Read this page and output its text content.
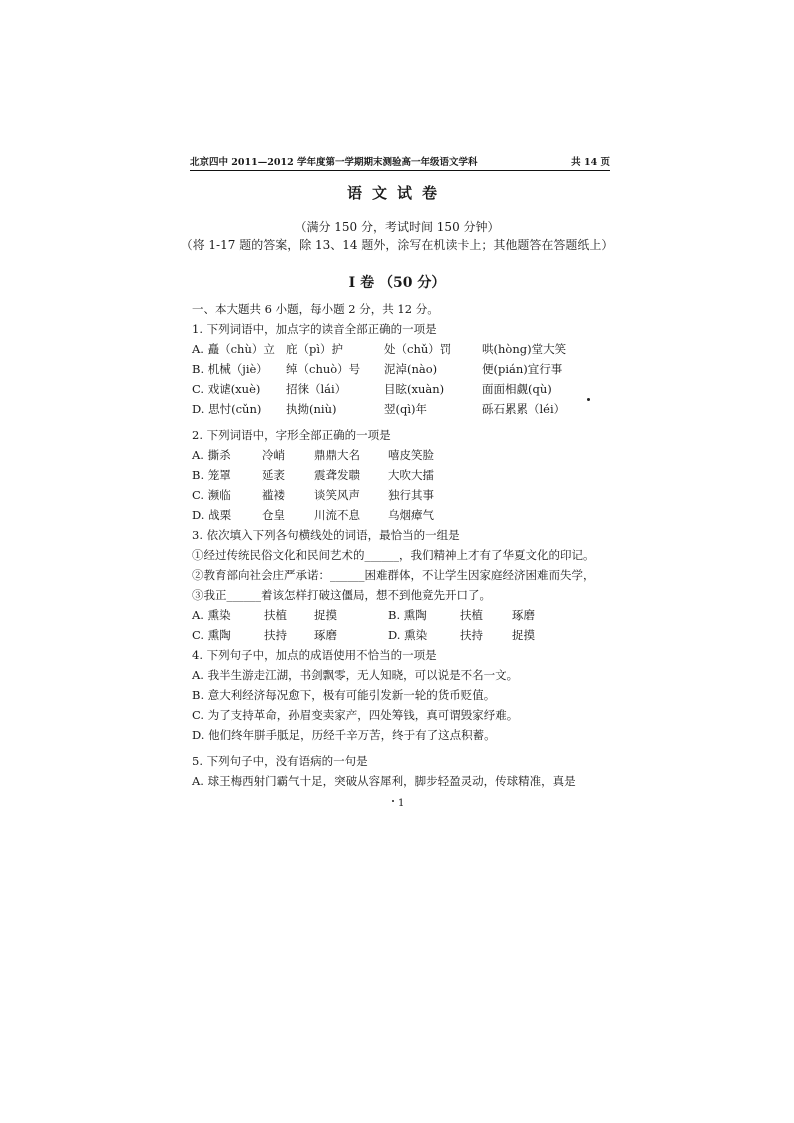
北京四中 2011—2012 学年度第一学期期末测验高一年级语文学科	共 14 页
语文试卷
（满分 150 分，考试时间 150 分钟）
（将 1-17 题的答案，除 13、14 题外，涂写在机读卡上；其他题答在答题纸上）
I 卷 （50 分）
一、本大题共 6 小题，每小题 2 分，共 12 分。
1. 下列词语中，加点字的读音全部正确的一项是
A. 矗（chù）立 庇（pì）护	处（chǔ）罚	哄(hòng)堂大笑
B. 机械（jiè） 绰（chuò）号 泥淖(nào)	便(pián)宜行事
C. 戏谑(xuè) 招徕（lái）	目眩(xuàn)	面面相觑(qù)
D. 思忖(cǔn) 执拗(niù)	翌(qì)年	砾石累累（léi）
2. 下列词语中，字形全部正确的一项是
A. 撕杀	冷峭	鼎鼎大名 嘻皮笑脸
B. 笼罩	延袤	震聋发聩 大吹大擂
C. 濒临	褴褛	谈笑风声 独行其事
D. 战栗	仓皇	川流不息 乌烟瘴气
3. 依次填入下列各句横线处的词语，最恰当的一组是
①经过传统民俗文化和民间艺术的______，我们精神上才有了华夏文化的印记。
②教育部向社会庄严承诺：______困难群体，不让学生因家庭经济困难而失学，
③我正______着该怎样打破这僵局，想不到他竟先开口了。
A. 熏染	扶植 捉摸	B. 熏陶	扶植	琢磨
C. 熏陶	扶持 琢磨	D. 熏染	扶持	捉摸
4. 下列句子中，加点的成语使用不恰当的一项是
A. 我半生游走江湖，书剑飘零，无人知晓，可以说是不名一文。
B. 意大利经济每况愈下，极有可能引发新一轮的货币贬值。
C. 为了支持革命，孙眉变卖家产，四处筹钱，真可谓毁家纾难。
D. 他们终年胼手胝足，历经千辛万苦，终于有了这点积蓄。
5. 下列句子中，没有语病的一句是
A. 球王梅西射门霸气十足，突破从容犀利，脚步轻盈灵动，传球精准，真是
1
